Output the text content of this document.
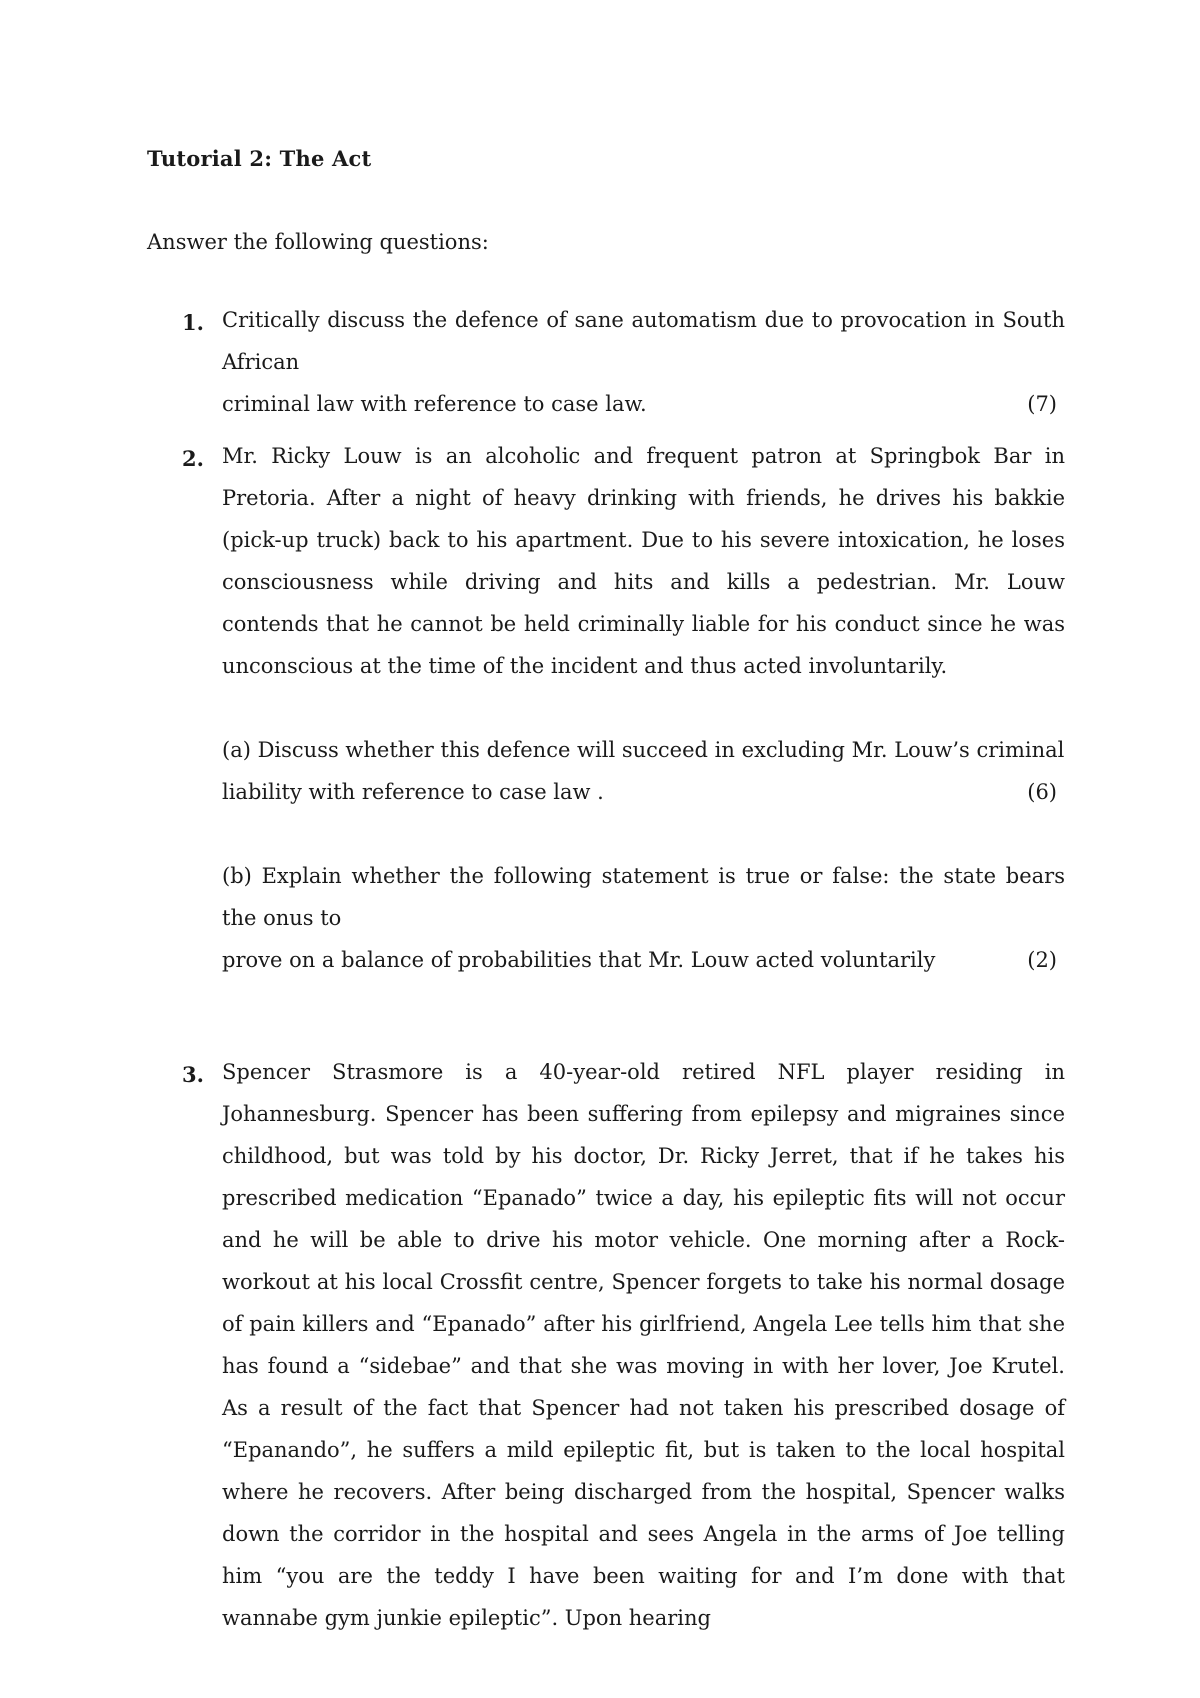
Tutorial 2: The Act
Answer the following questions:
1. Critically discuss the defence of sane automatism due to provocation in South African
criminal law with reference to case law.	(7)
2. Mr. Ricky Louw is an alcoholic and frequent patron at Springbok Bar in Pretoria. After a night of heavy drinking with friends, he drives his bakkie (pick-up truck) back to his apartment. Due to his severe intoxication, he loses consciousness while driving and hits and kills a pedestrian. Mr. Louw contends that he cannot be held criminally liable for his conduct since he was unconscious at the time of the incident and thus acted involuntarily.

(a) Discuss whether this defence will succeed in excluding Mr. Louw’s criminal
liability with reference to case law .	(6)
(b) Explain whether the following statement is true or false: the state bears the onus to
prove on a balance of probabilities that Mr. Louw acted voluntarily	(2)
3. Spencer Strasmore is a 40-year-old retired NFL player residing in Johannesburg. Spencer has been suffering from epilepsy and migraines since childhood, but was told by his doctor, Dr. Ricky Jerret, that if he takes his prescribed medication “Epanado” twice a day, his epileptic fits will not occur and he will be able to drive his motor vehicle. One morning after a Rock-workout at his local Crossfit centre, Spencer forgets to take his normal dosage of pain killers and “Epanado” after his girlfriend, Angela Lee tells him that she has found a “sidebae” and that she was moving in with her lover, Joe Krutel. As a result of the fact that Spencer had not taken his prescribed dosage of “Epanando”, he suffers a mild epileptic fit, but is taken to the local hospital where he recovers. After being discharged from the hospital, Spencer walks down the corridor in the hospital and sees Angela in the arms of Joe telling him “you are the teddy I have been waiting for and I’m done with that wannabe gym junkie epileptic”. Upon hearing
